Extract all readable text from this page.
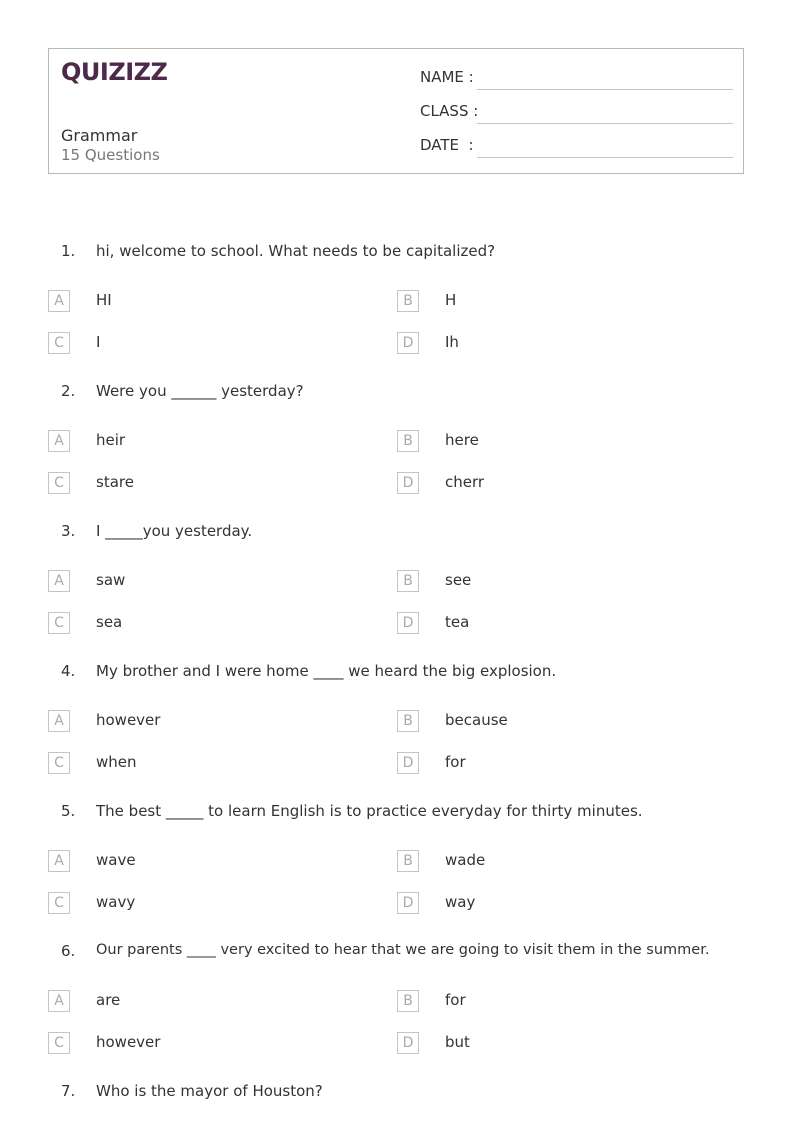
QUIZIZZ
Grammar
15 Questions
NAME :
CLASS :
DATE  :
1. hi, welcome to school. What needs to be capitalized?
A	HI	B	H
C	I	D	Ih
2. Were you ______ yesterday?
A	heir	B	here
C	stare	D	cherr
3. I _____you yesterday.
A	saw	B	see
C	sea	D	tea
4. My brother and I were home ____ we heard the big explosion.
A	however	B	because
C	when	D	for
5. The best _____ to learn English is to practice everyday for thirty minutes.
A	wave	B	wade
C	wavy	D	way
6. Our parents ____ very excited to hear that we are going to visit them in the summer.
A	are	B	for
C	however	D	but
7. Who is the mayor of Houston?
